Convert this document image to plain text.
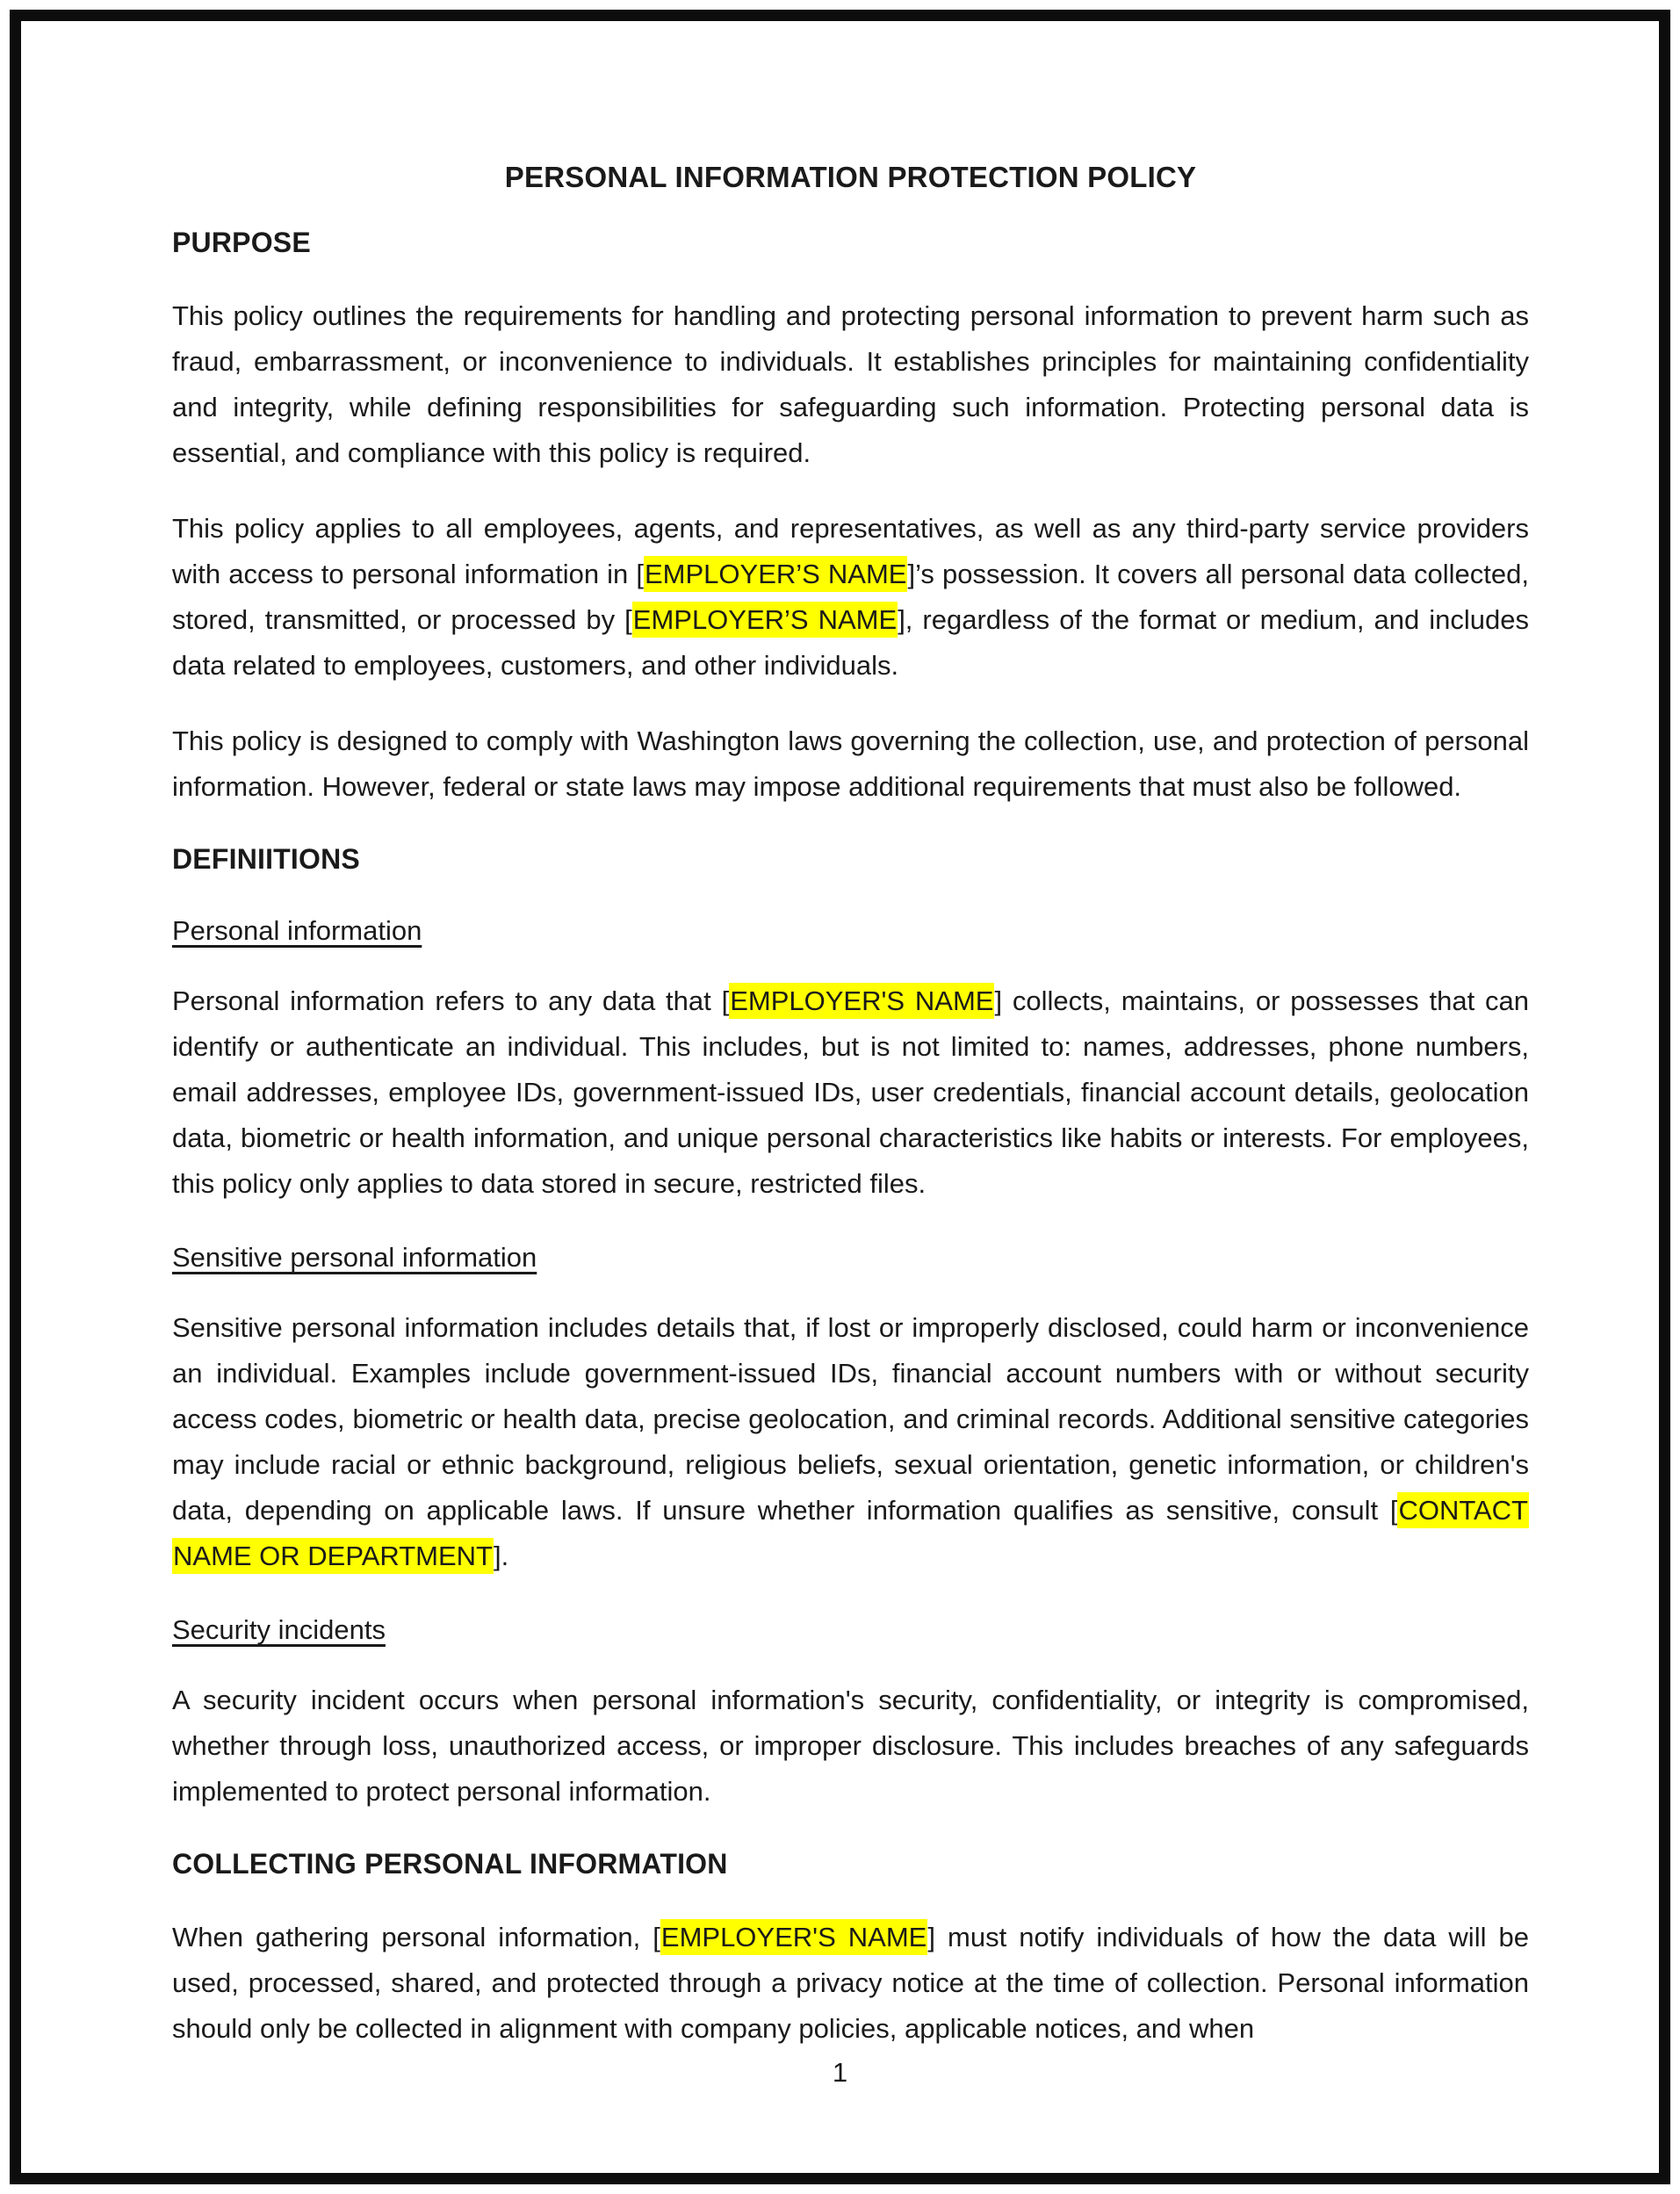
PERSONAL INFORMATION PROTECTION POLICY
PURPOSE

This policy outlines the requirements for handling and protecting personal information to prevent harm such as fraud, embarrassment, or inconvenience to individuals. It establishes principles for maintaining confidentiality and integrity, while defining responsibilities for safeguarding such information. Protecting personal data is essential, and compliance with this policy is required.

This policy applies to all employees, agents, and representatives, as well as any third-party service providers with access to personal information in [EMPLOYER’S NAME]’s possession. It covers all personal data collected, stored, transmitted, or processed by [EMPLOYER’S NAME], regardless of the format or medium, and includes data related to employees, customers, and other individuals.

This policy is designed to comply with Washington laws governing the collection, use, and protection of personal information. However, federal or state laws may impose additional requirements that must also be followed.

DEFINIITIONS
Personal information

Personal information refers to any data that [EMPLOYER'S NAME] collects, maintains, or possesses that can identify or authenticate an individual. This includes, but is not limited to: names, addresses, phone numbers, email addresses, employee IDs, government-issued IDs, user credentials, financial account details, geolocation data, biometric or health information, and unique personal characteristics like habits or interests. For employees, this policy only applies to data stored in secure, restricted files.

Sensitive personal information

Sensitive personal information includes details that, if lost or improperly disclosed, could harm or inconvenience an individual. Examples include government-issued IDs, financial account numbers with or without security access codes, biometric or health data, precise geolocation, and criminal records. Additional sensitive categories may include racial or ethnic background, religious beliefs, sexual orientation, genetic information, or children's data, depending on applicable laws. If unsure whether information qualifies as sensitive, consult [CONTACT NAME OR DEPARTMENT].

Security incidents

A security incident occurs when personal information's security, confidentiality, or integrity is compromised, whether through loss, unauthorized access, or improper disclosure. This includes breaches of any safeguards implemented to protect personal information.

COLLECTING PERSONAL INFORMATION

When gathering personal information, [EMPLOYER'S NAME] must notify individuals of how the data will be used, processed, shared, and protected through a privacy notice at the time of collection. Personal information should only be collected in alignment with company policies, applicable notices, and when

1
